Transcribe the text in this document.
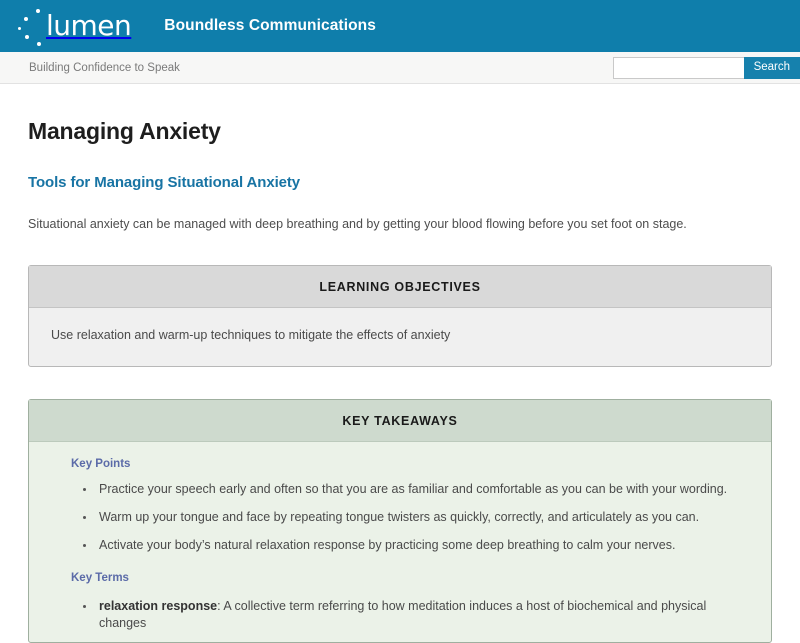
lumen Boundless Communications
Building Confidence to Speak	Search
Managing Anxiety
Tools for Managing Situational Anxiety

Situational anxiety can be managed with deep breathing and by getting your blood flowing before you set foot on stage.

LEARNING OBJECTIVES
Use relaxation and warm-up techniques to mitigate the effects of anxiety
KEY TAKEAWAYS

Key Points

• Practice your speech early and often so that you are as familiar and comfortable as you can be with your wording.
• Warm up your tongue and face by repeating tongue twisters as quickly, correctly, and articulately as you can.
• Activate your body’s natural relaxation response by practicing some deep breathing to calm your nerves.

Key Terms

• relaxation response: A collective term referring to how meditation induces a host of biochemical and physical changes
